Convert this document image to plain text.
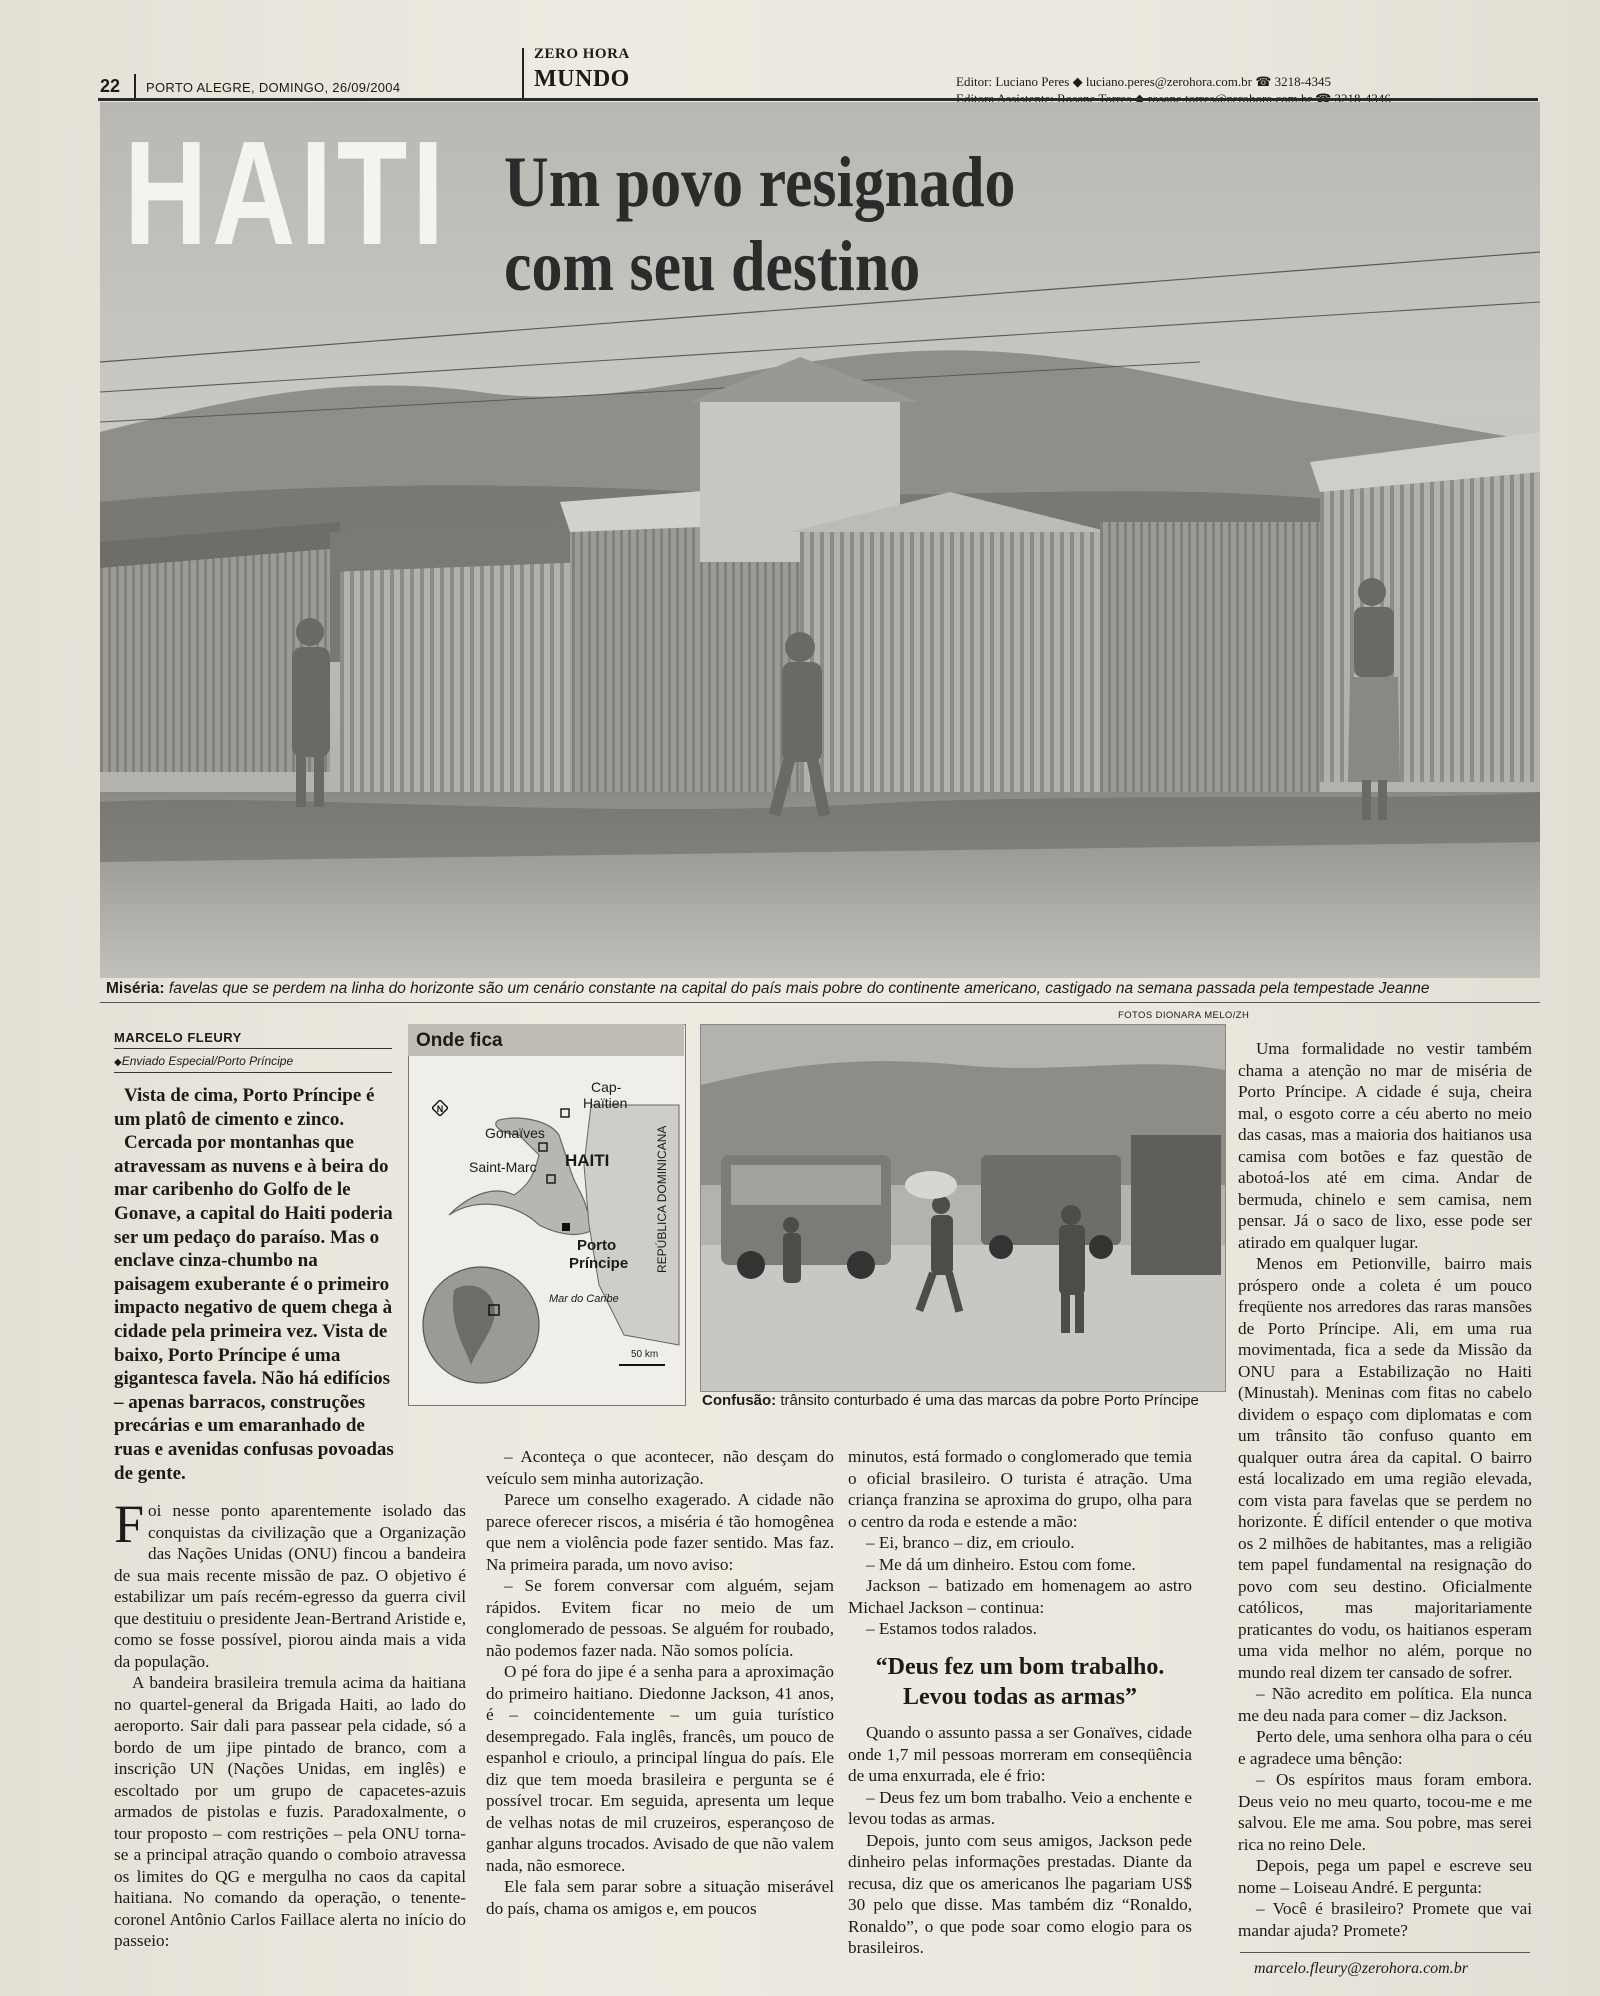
22 PORTO ALEGRE, DOMINGO, 26/09/2004
ZERO HORA
MUNDO	Editor: Luciano Peres ◆ luciano.peres@zerohora.com.br ☎ 3218-4345
HAITI Um povo resignado
com seu destino
Miséria: favelas que se perdem na linha do horizonte são um cenário constante na capital do país mais pobre do continente americano, castigado na semana passada pela tempestade Jeanne
FOTOS DIONARA MELO/ZH
MARCELO FLEURY
◆ Enviado Especial/Porto Príncipe

Vista de cima, Porto Príncipe é um platô de cimento e zinco.

Cercada por montanhas que atravessam as nuvens e à beira do mar caribenho do Golfo de le Gonave, a capital do Haiti poderia ser um pedaço do paraíso. Mas o enclave cinza-chumbo na paisagem exuberante é o primeiro impacto negativo de quem chega à cidade pela primeira vez. Vista de baixo, Porto Príncipe é uma gigantesca favela. Não há edifícios – apenas barracos, construções precárias e um emaranhado de ruas e avenidas confusas povoadas de gente.

Foi nesse ponto aparentemente isolado das conquistas da civilização que a Organização das Nações Unidas (ONU) fincou a bandeira de sua mais recente missão de paz. O objetivo é estabilizar um país recém-egresso da guerra civil que destituiu o presidente Jean-Bertrand Aristide e, como se fosse possível, piorou ainda mais a vida da população.

A bandeira brasileira tremula acima da haitiana no quartel-general da Brigada Haiti, ao lado do aeroporto. Sair dali para passear pela cidade, só a bordo de um jipe pintado de branco, com a inscrição UN (Nações Unidas, em inglês) e escoltado por um grupo de capacetes-azuis armados de pistolas e fuzis. Paradoxalmente, o tour proposto – com restrições – pela ONU torna-se a principal atração quando o comboio atravessa os limites do QG e mergulha no caos da capital haitiana. No comando da operação, o tenente-coronel Antônio Carlos Faillace alerta no início do passeio:

Cap-
Haïtien
Gonaïves
Saint-Marc HAITI
Porto
Príncipe REPÚBLICA DOMINICANA
Mar do Caribe
50 km
Onde fica
N
Confusão: trânsito conturbado é uma das marcas da pobre Porto Príncipe

– Aconteça o que acontecer, não desçam do veículo sem minha autorização.

Parece um conselho exagerado. A cidade não parece oferecer riscos, a miséria é tão homogênea que nem a violência pode fazer sentido. Mas faz. Na primeira parada, um novo aviso:

– Se forem conversar com alguém, sejam rápidos. Evitem ficar no meio de um conglomerado de pessoas. Se alguém for roubado, não podemos fazer nada. Não somos polícia.

O pé fora do jipe é a senha para a aproximação do primeiro haitiano. Diedonne Jackson, 41 anos, é – coincidentemente – um guia turístico desempregado. Fala inglês, francês, um pouco de espanhol e crioulo, a principal língua do país. Ele diz que tem moeda brasileira e pergunta se é possível trocar. Em seguida, apresenta um leque de velhas notas de mil cruzeiros, esperançoso de ganhar alguns trocados. Avisado de que não valem nada, não esmorece.

Ele fala sem parar sobre a situação miserável do país, chama os amigos e, em poucos

minutos, está formado o conglomerado que temia o oficial brasileiro. O turista é atração. Uma criança franzina se aproxima do grupo, olha para o centro da roda e estende a mão:

– Ei, branco – diz, em crioulo.

– Me dá um dinheiro. Estou com fome.

Jackson – batizado em homenagem ao astro Michael Jackson – continua:

– Estamos todos ralados.

“Deus fez um bom trabalho. Levou todas as armas”

Quando o assunto passa a ser Gonaïves, cidade onde 1,7 mil pessoas morreram em conseqüência de uma enxurrada, ele é frio:

– Deus fez um bom trabalho. Veio a enchente e levou todas as armas.

Depois, junto com seus amigos, Jackson pede dinheiro pelas informações prestadas. Diante da recusa, diz que os americanos lhe pagariam US$ 30 pelo que disse. Mas também diz “Ronaldo, Ronaldo”, o que pode soar como elogio para os brasileiros.

Uma formalidade no vestir também chama a atenção no mar de miséria de Porto Príncipe. A cidade é suja, cheira mal, o esgoto corre a céu aberto no meio das casas, mas a maioria dos haitianos usa camisa com botões e faz questão de abotoá-los até em cima. Andar de bermuda, chinelo e sem camisa, nem pensar. Já o saco de lixo, esse pode ser atirado em qualquer lugar.

Menos em Petionville, bairro mais próspero onde a coleta é um pouco freqüente nos arredores das raras mansões de Porto Príncipe. Ali, em uma rua movimentada, fica a sede da Missão da ONU para a Estabilização no Haiti (Minustah). Meninas com fitas no cabelo dividem o espaço com diplomatas e com um trânsito tão confuso quanto em qualquer outra área da capital. O bairro está localizado em uma região elevada, com vista para favelas que se perdem no horizonte. É difícil entender o que motiva os 2 milhões de habitantes, mas a religião tem papel fundamental na resignação do povo com seu destino. Oficialmente católicos, mas majoritariamente praticantes do vodu, os haitianos esperam uma vida melhor no além, porque no mundo real dizem ter cansado de sofrer.

– Não acredito em política. Ela nunca me deu nada para comer – diz Jackson.

Perto dele, uma senhora olha para o céu e agradece uma bênção:

– Os espíritos maus foram embora. Deus veio no meu quarto, tocou-me e me salvou. Ele me ama. Sou pobre, mas serei rica no reino Dele.

Depois, pega um papel e escreve seu nome – Loiseau André. E pergunta:

– Você é brasileiro? Promete que vai mandar ajuda? Promete?

marcelo.fleury@zerohora.com.br
